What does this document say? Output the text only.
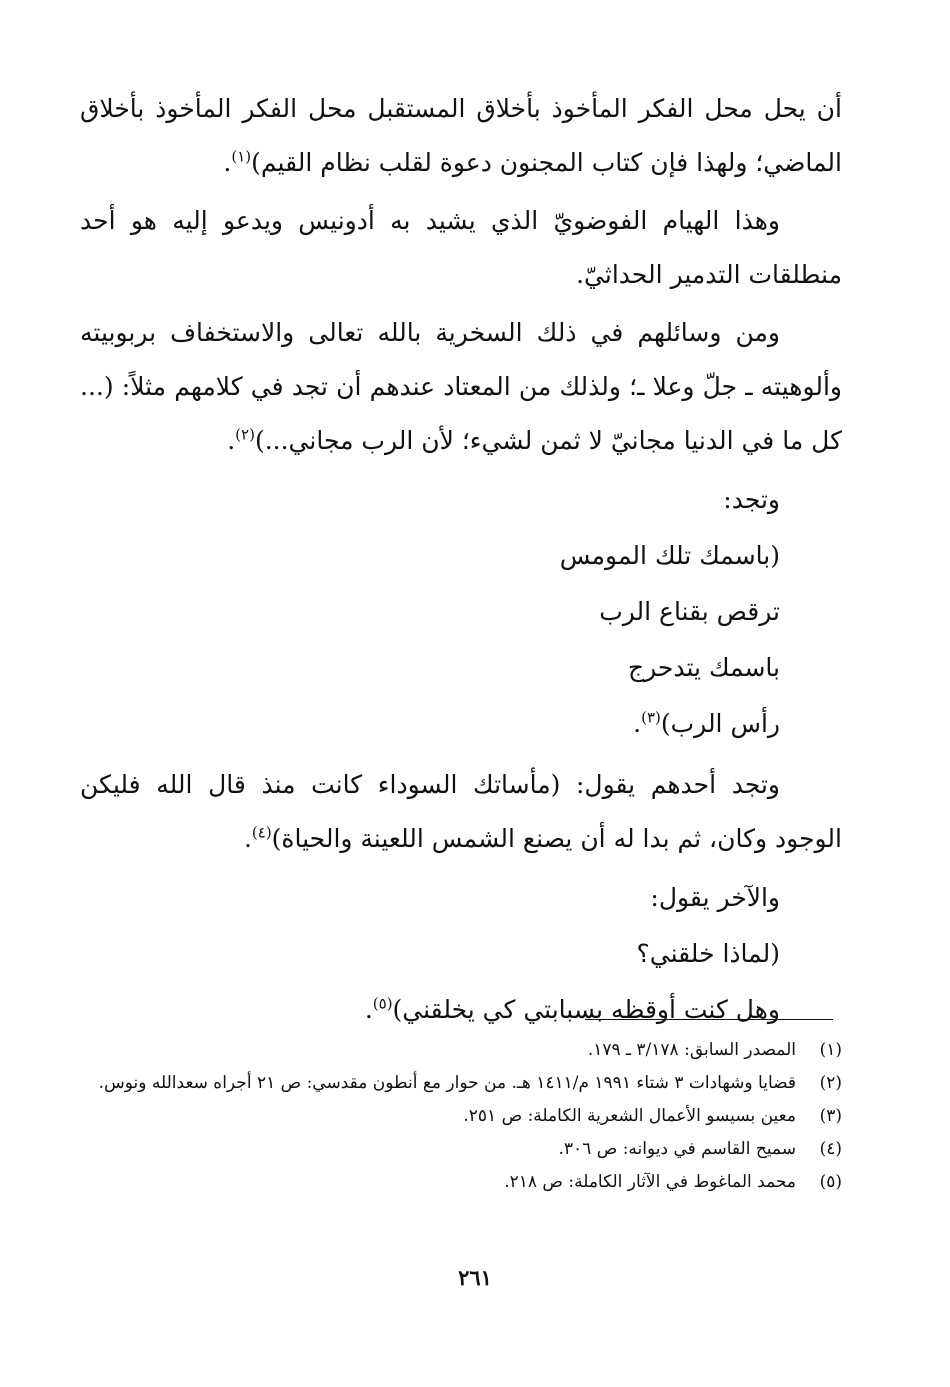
أن يحل محل الفكر المأخوذ بأخلاق المستقبل محل الفكر المأخوذ بأخلاق الماضي؛ ولهذا فإن كتاب المجنون دعوة لقلب نظام القيم)$^{(١)}$.

وهذا الهيام الفوضويّ الذي يشيد به أدونيس ويدعو إليه هو أحد منطلقات التدمير الحداثيّ.

ومن وسائلهم في ذلك السخرية بالله تعالى والاستخفاف بربوبيته وألوهيته ـ جلّ وعلا ـ؛ ولذلك من المعتاد عندهم أن تجد في كلامهم مثلاً: (... كل ما في الدنيا مجانيّ لا ثمن لشيء؛ لأن الرب مجاني...)$^{(٢)}$.

وتجد:

(باسمك تلك المومس

ترقص بقناع الرب

باسمك يتدحرج

رأس الرب)$^{(٣)}$.

وتجد أحدهم يقول: (مأساتك السوداء كانت منذ قال الله فليكن الوجود وكان، ثم بدا له أن يصنع الشمس اللعينة والحياة)$^{(٤)}$.

والآخر يقول:

(لماذا خلقني؟

وهل كنت أوقظه بسبابتي كي يخلقني)$^{(٥)}$.

(١)
المصدر السابق: ٣/١٧٨ ـ ١٧٩.
(٢)
قضايا وشهادات ٣ شتاء ١٩٩١ م/١٤١١ هـ. من حوار مع أنطون مقدسي: ص ٢١ أجراه سعدالله ونوس.
(٣)
معين بسيسو الأعمال الشعرية الكاملة: ص ٢٥١.
(٤)
سميح القاسم في ديوانه: ص ٣٠٦.
(٥)
محمد الماغوط في الآثار الكاملة: ص ٢١٨.
٢٦١
